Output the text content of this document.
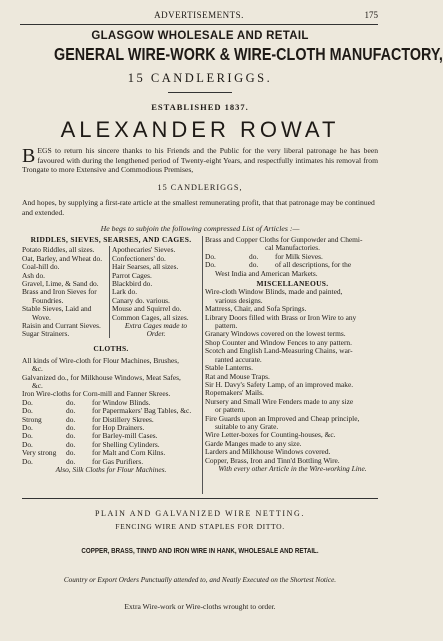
ADVERTISEMENTS.	175
GLASGOW WHOLESALE AND RETAIL
GENERAL WIRE-WORK & WIRE-CLOTH MANUFACTORY,
15 CANDLERIGGS.
ESTABLISHED 1837.
ALEXANDER ROWAT
BEGS to return his sincere thanks to his Friends and the Public for the very liberal patronage he has been favoured with during the lengthened period of Twenty-eight Years, and respectfully intimates his removal from Trongate to more Extensive and Commodious Premises,
15 CANDLERIGGS,
And hopes, by supplying a first-rate article at the smallest remunerating profit, that that patronage may be continued and extended.
He begs to subjoin the following compressed List of Articles :—
RIDDLES, SIEVES, SEARSES, AND CAGES.
Potato Riddles, all sizes.
Oat, Barley, and Wheat do.
Coal-hill do.
Ash do.
Gravel, Lime, & Sand do.
Brass and Iron Sieves for
Foundries.
Stable Sieves, Laid and
Wove.
Raisin and Currant Sieves.
Sugar Strainers.
Apothecaries' Sieves.
Confectioners' do.
Hair Searses, all sizes.
Parrot Cages.
Blackbird do.
Lark do.
Canary do. various.
Mouse and Squirrel do.
Common Cages, all sizes.
Extra Cages made to
Order.
CLOTHS.
All kinds of Wire-cloth for Flour Machines, Brushes,
&c.
Galvanized do., for Milkhouse Windows, Meat Safes,
&c.
Iron Wire-cloths for Corn-mill and Fanner Skrees.
Do.	do. for Window Blinds.
Do.	do. for Papermakers' Bag Tables, &c.
Strong	do. for Distillery Skrees.
Do.	do. for Hop Drainers.
Do.	do. for Barley-mill Cases.
Do.	do. for Shelling Cylinders.
Very strong do. for Malt and Corn Kilns.
Do.	do. for Gas Purifiers.
Also, Silk Cloths for Flour Machines.
Brass and Copper Cloths for Gunpowder and Chemi-
cal Manufactories.
Do.	do. for Milk Sieves.
Do.	do. of all descriptions, for the
West India and American Markets.
MISCELLANEOUS.
Wire-cloth Window Blinds, made and painted,
various designs.
Mattress, Chair, and Sofa Springs.
Library Doors filled with Brass or Iron Wire to any
pattern.
Granary Windows covered on the lowest terms.
Shop Counter and Window Fences to any pattern.
Scotch and English Land-Measuring Chains, war-
ranted accurate.
Stable Lanterns.
Rat and Mouse Traps.
Sir H. Davy's Safety Lamp, of an improved make.
Ropemakers' Mails.
Nursery and Small Wire Fenders made to any size
or pattern.
Fire Guards upon an Improved and Cheap principle,
suitable to any Grate.
Wire Letter-boxes for Counting-houses, &c.
Garde Manges made to any size.
Larders and Milkhouse Windows covered.
Copper, Brass, Iron and Tinn'd Bottling Wire.
With every other Article in the Wire-working Line.
PLAIN AND GALVANIZED WIRE NETTING.
FENCING WIRE AND STAPLES FOR DITTO.
COPPER, BRASS, TINN'D AND IRON WIRE IN HANK, WHOLESALE AND RETAIL.
Country or Export Orders Punctually attended to, and Neatly Executed on the Shortest Notice.
Extra Wire-work or Wire-cloths wrought to order.
